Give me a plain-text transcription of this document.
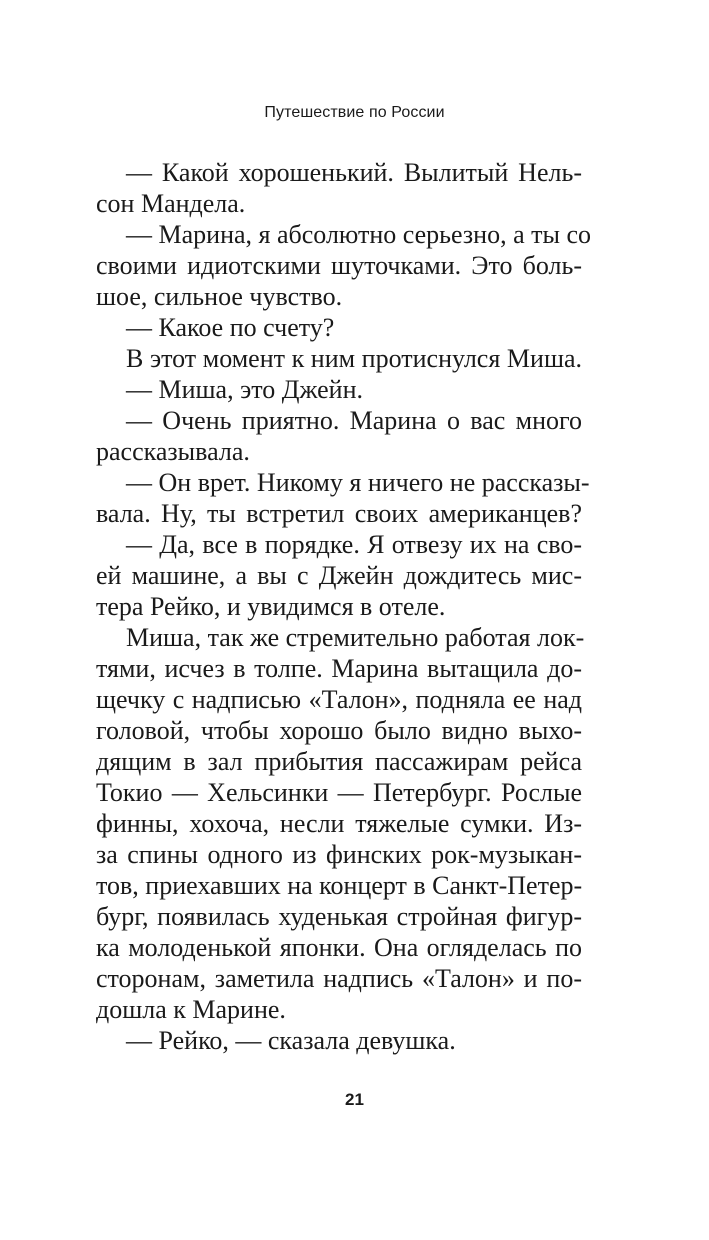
Путешествие по России
— Какой хорошенький. Вылитый Нель-
сон Мандела.
— Марина, я абсолютно серьезно, а ты со
своими идиотскими шуточками. Это боль-
шое, сильное чувство.
— Какое по счету?
В этот момент к ним протиснулся Миша.
— Миша, это Джейн.
— Очень приятно. Марина о вас много
рассказывала.
— Он врет. Никому я ничего не рассказы-
вала. Ну, ты встретил своих американцев?
— Да, все в порядке. Я отвезу их на сво-
ей машине, а вы с Джейн дождитесь мис-
тера Рейко, и увидимся в отеле.
Миша, так же стремительно работая лок-
тями, исчез в толпе. Марина вытащила до-
щечку с надписью «Талон», подняла ее над
головой, чтобы хорошо было видно выхо-
дящим в зал прибытия пассажирам рейса
Токио — Хельсинки — Петербург. Рослые
финны, хохоча, несли тяжелые сумки. Из-
за спины одного из финских рок-музыкан-
тов, приехавших на концерт в Санкт-Петер-
бург, появилась худенькая стройная фигур-
ка молоденькой японки. Она огляделась по
сторонам, заметила надпись «Талон» и по-
дошла к Марине.
— Рейко, — сказала девушка.
21
